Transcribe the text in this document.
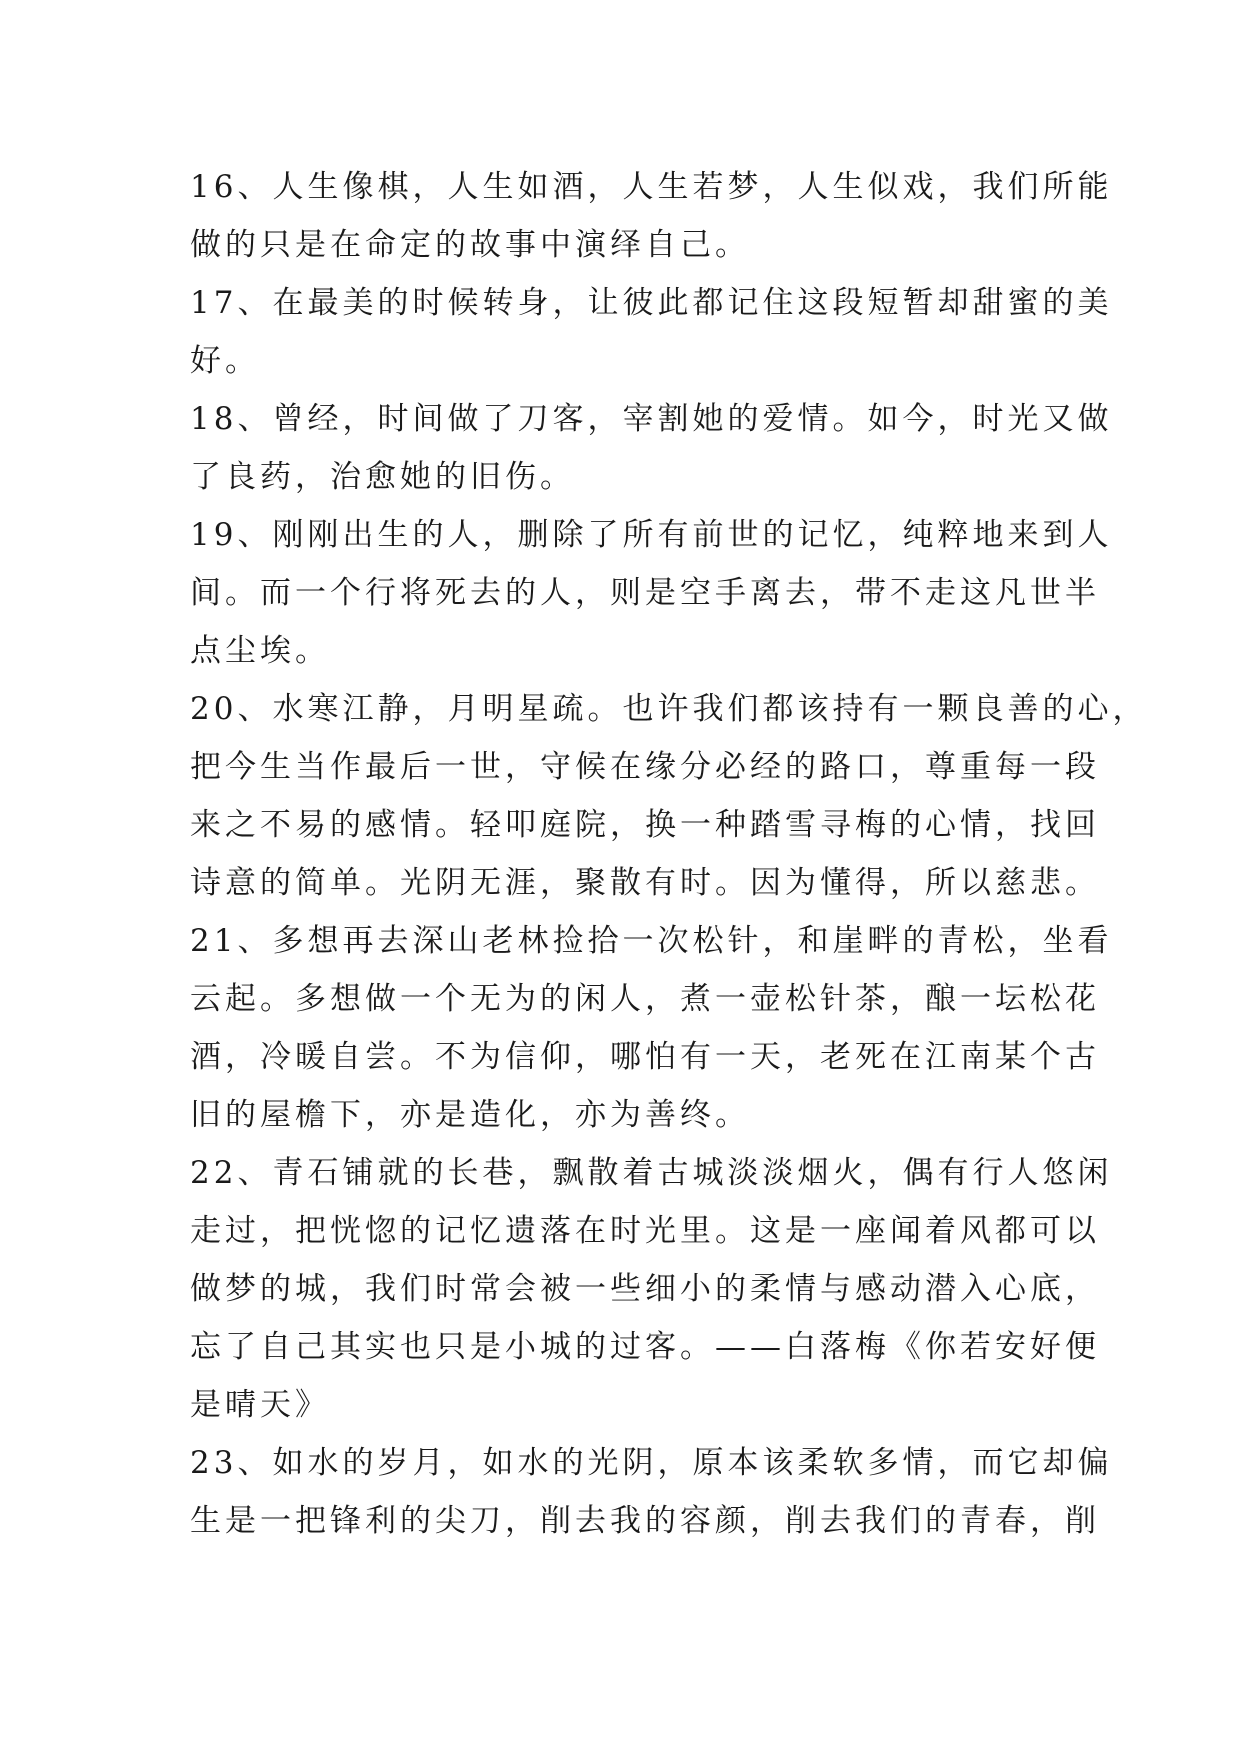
16、人生像棋，人生如酒，人生若梦，人生似戏，我们所能
做的只是在命定的故事中演绎自己。
17、在最美的时候转身，让彼此都记住这段短暂却甜蜜的美
好。
18、曾经，时间做了刀客，宰割她的爱情。如今，时光又做
了良药，治愈她的旧伤。
19、刚刚出生的人，删除了所有前世的记忆，纯粹地来到人
间。而一个行将死去的人，则是空手离去，带不走这凡世半
点尘埃。
20、水寒江静，月明星疏。也许我们都该持有一颗良善的心，
把今生当作最后一世，守候在缘分必经的路口，尊重每一段
来之不易的感情。轻叩庭院，换一种踏雪寻梅的心情，找回
诗意的简单。光阴无涯，聚散有时。因为懂得，所以慈悲。
21、多想再去深山老林捡拾一次松针，和崖畔的青松，坐看
云起。多想做一个无为的闲人，煮一壶松针茶，酿一坛松花
酒，冷暖自尝。不为信仰，哪怕有一天，老死在江南某个古
旧的屋檐下，亦是造化，亦为善终。
22、青石铺就的长巷，飘散着古城淡淡烟火，偶有行人悠闲
走过，把恍惚的记忆遗落在时光里。这是一座闻着风都可以
做梦的城，我们时常会被一些细小的柔情与感动潜入心底，
忘了自己其实也只是小城的过客。——白落梅《你若安好便
是晴天》
23、如水的岁月，如水的光阴，原本该柔软多情，而它却偏
生是一把锋利的尖刀，削去我的容颜，削去我们的青春，削
